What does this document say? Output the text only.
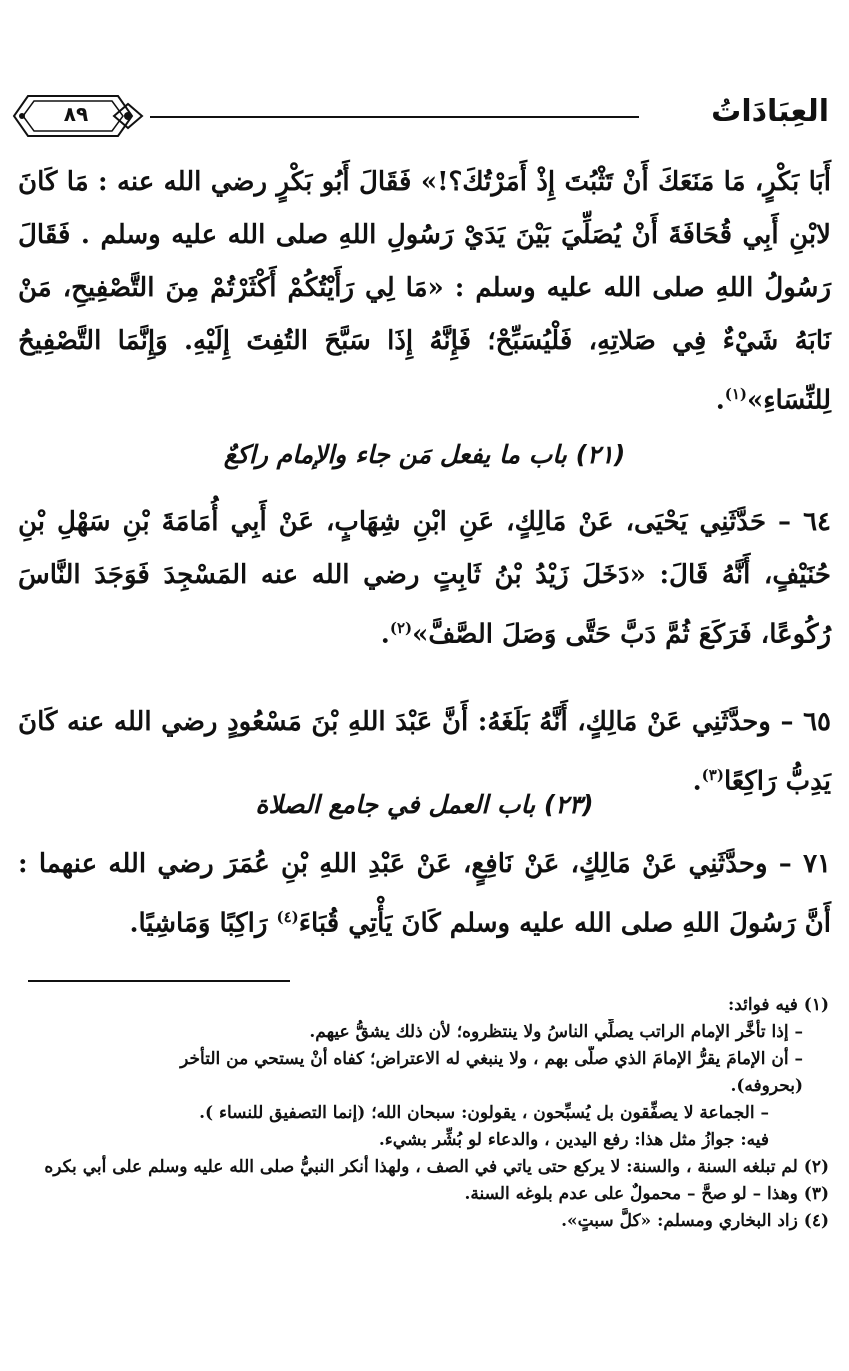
العِبَادَاتُ
٨٩
أَبَا بَكْرٍ، مَا مَنَعَكَ أَنْ تَثْبُتَ إِذْ أَمَرْتُكَ؟!» فَقَالَ أَبُو بَكْرٍ رضي الله عنه : مَا كَانَ لابْنِ أَبِي قُحَافَةَ أَنْ يُصَلِّيَ بَيْنَ يَدَيْ رَسُولِ اللهِ صلى الله عليه وسلم . فَقَالَ رَسُولُ اللهِ صلى الله عليه وسلم : «مَا لِي رَأَيْتُكُمْ أَكْثَرْتُمْ مِنَ التَّصْفِيحِ، مَنْ نَابَهُ شَيْءٌ فِي صَلاتِهِ، فَلْيُسَبِّحْ؛ فَإِنَّهُ إِذَا سَبَّحَ التُفِتَ إِلَيْهِ. وَإِنَّمَا التَّصْفِيحُ لِلنِّسَاءِ»$^{(١)}$.
(٢١) باب ما يفعل مَن جاء والإمام راكعٌ
٦٤ – حَدَّثَنِي يَحْيَى، عَنْ مَالِكٍ، عَنِ ابْنِ شِهَابٍ، عَنْ أَبِي أُمَامَةَ بْنِ سَهْلِ بْنِ حُنَيْفٍ، أَنَّهُ قَالَ: «دَخَلَ زَيْدُ بْنُ ثَابِتٍ رضي الله عنه المَسْجِدَ فَوَجَدَ النَّاسَ رُكُوعًا، فَرَكَعَ ثُمَّ دَبَّ حَتَّى وَصَلَ الصَّفَّ»$^{(٢)}$.
٦٥ – وحدَّثَنِي عَنْ مَالِكٍ، أَنَّهُ بَلَغَهُ: أَنَّ عَبْدَ اللهِ بْنَ مَسْعُودٍ رضي الله عنه كَانَ يَدِبُّ رَاكِعًا$^{(٣)}$.
(٢٣) باب العمل في جامع الصلاة
٧١ – وحدَّثَنِي عَنْ مَالِكٍ، عَنْ نَافِعٍ، عَنْ عَبْدِ اللهِ بْنِ عُمَرَ رضي الله عنهما : أَنَّ رَسُولَ اللهِ صلى الله عليه وسلم كَانَ يَأْتِي قُبَاءَ$^{(٤)}$ رَاكِبًا وَمَاشِيًا.
(١) فيه فوائد:
– إذا تأخَّر الإمام الراتب يصلِّي الناسُ ولا ينتظروه؛ لأن ذلك يشقُّ عيهم.
– أن الإمامَ يقرُّ الإمامَ الذي صلَّى بهم ، ولا ينبغي له الاعتراض؛ كفاه أنْ يستحي من التأخر
(بحروفه).
– الجماعة لا يصفِّقون بل يُسبِّحون ، يقولون: سبحان الله؛ (إنما التصفيق للنساء ).
فيه: جوازُ مثل هذا: رفع اليدين ، والدعاء لو بُشِّر بشيء.
(٢) لم تبلغه السنة ، والسنة: لا يركع حتى ياتي في الصف ، ولهذا أنكر النبيُّ صلى الله عليه وسلم على أبي بكره
(٣) وهذا – لو صحَّ – محمولٌ على عدم بلوغه السنة.
(٤) زاد البخاري ومسلم: «كلَّ سبتٍ».
